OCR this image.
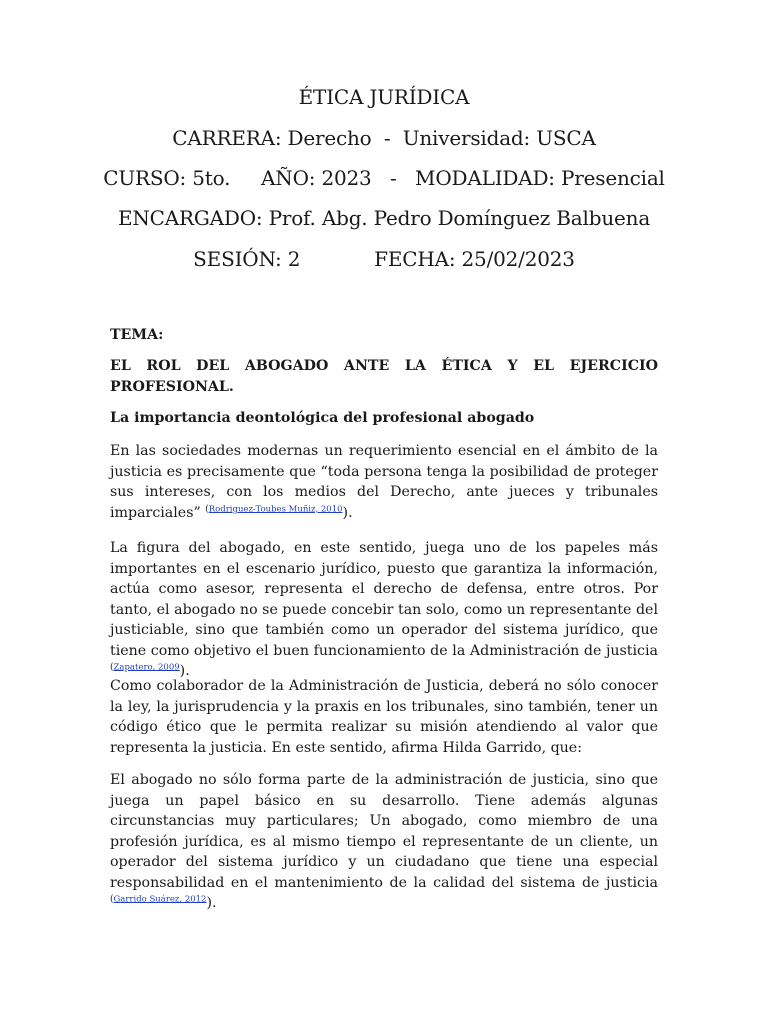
ÉTICA JURÍDICA
CARRERA: Derecho  -  Universidad: USCA
CURSO: 5to.     AÑO: 2023   -   MODALIDAD: Presencial
ENCARGADO: Prof. Abg. Pedro Domínguez Balbuena
SESIÓN: 2            FECHA: 25/02/2023
TEMA:
EL ROL DEL ABOGADO ANTE LA ÉTICA Y EL EJERCICIO PROFESIONAL.
La importancia deontológica del profesional abogado
En las sociedades modernas un requerimiento esencial en el ámbito de la justicia es precisamente que “toda persona tenga la posibilidad de proteger sus intereses, con los medios del Derecho, ante jueces y tribunales imparciales” $^{(Rodriguez-Toubes Muñiz, 2010}$).
La figura del abogado, en este sentido, juega uno de los papeles más importantes en el escenario jurídico, puesto que garantiza la información, actúa como asesor, representa el derecho de defensa, entre otros. Por tanto, el abogado no se puede concebir tan solo, como un representante del justiciable, sino que también como un operador del sistema jurídico, que tiene como objetivo el buen funcionamiento de la Administración de justicia $^{(Zapatero, 2009}$).
Como colaborador de la Administración de Justicia, deberá no sólo conocer la ley, la jurisprudencia y la praxis en los tribunales, sino también, tener un código ético que le permita realizar su misión atendiendo al valor que representa la justicia. En este sentido, afirma Hilda Garrido, que:
El abogado no sólo forma parte de la administración de justicia, sino que juega un papel básico en su desarrollo. Tiene además algunas circunstancias muy particulares; Un abogado, como miembro de una profesión jurídica, es al mismo tiempo el representante de un cliente, un operador del sistema jurídico y un ciudadano que tiene una especial responsabilidad en el mantenimiento de la calidad del sistema de justicia $^{(Garrido Suárez, 2012}$).
